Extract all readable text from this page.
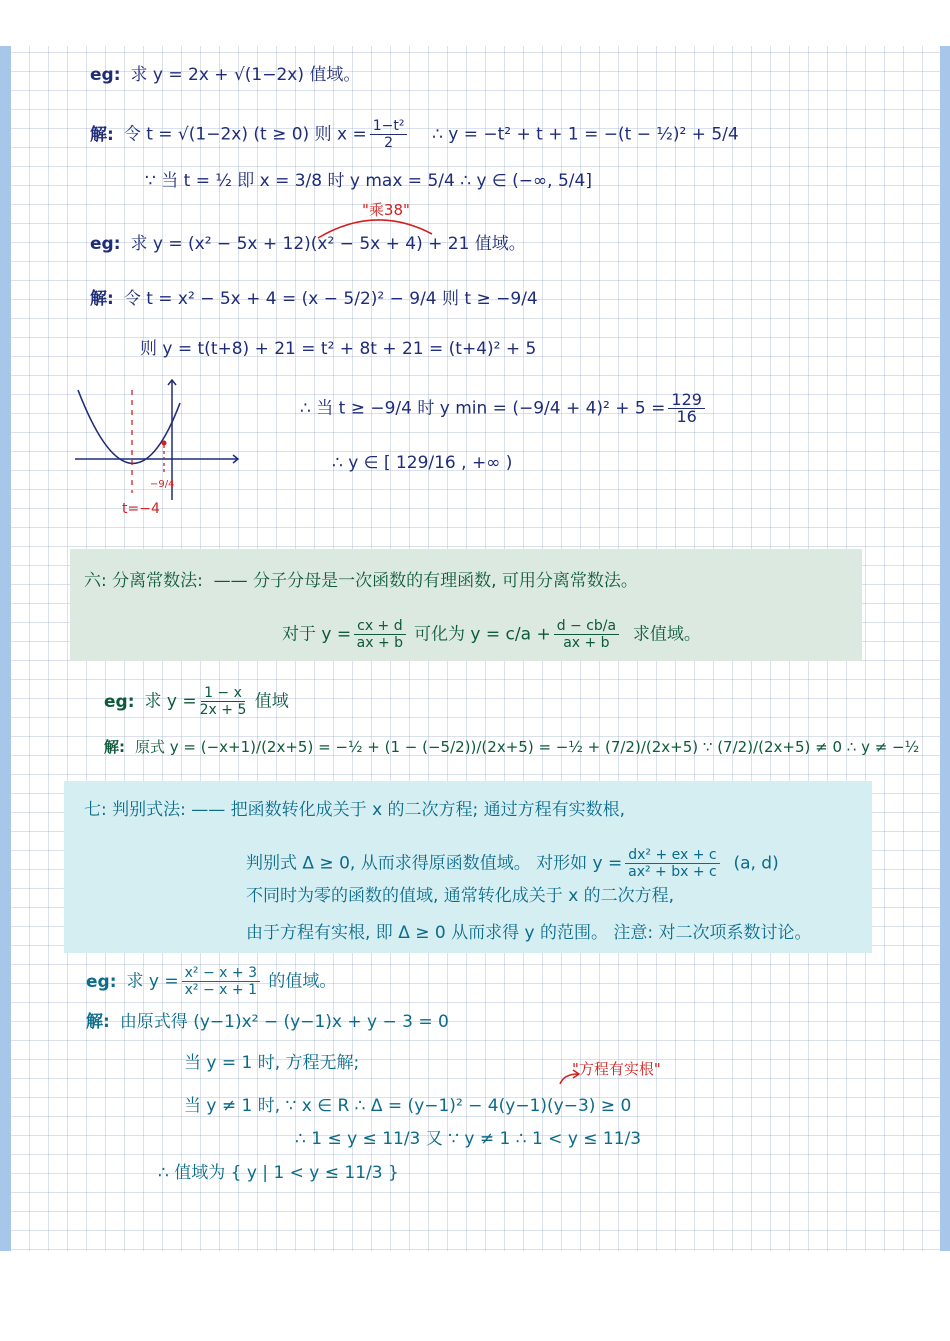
eg: 求 y = 2x + √(1−2x) 值域。
解: 令 t = √(1−2x) (t ≥ 0) 则 $x = \frac{\text{1−t²}}{2}$ ∴ y = −t² + t + 1 = −(t − ½)² + 5/4
∵ 当 t = ½ 即 x = 3/8 时 y max = 5/4 ∴ y ∈ (−∞, 5/4]
"乘38"
eg: 求 y = (x² − 5x + 12)(x² − 5x + 4) + 21 值域。
解: 令 t = x² − 5x + 4 = (x − 5/2)² − 9/4 则 t ≥ −9/4
则 y = t(t+8) + 21 = t² + 8t + 21 = (t+4)² + 5
∴ 当 t ≥ −9/4 时 y $\min = (-9/4 + 4)^2 + 5 = \frac{129}{16}$
∴ y ∈ [ 129/16 , +∞ )
t=−4
−9/4
六: 分离常数法: —— 分子分母是一次函数的有理函数, 可用分离常数法。
对于 $y = \frac{cx + d}{ax + b}$ 可化为 $y = c/a + \frac{d - cb/a}{ax + b}$ 求值域。
eg: 求 $y = \frac{1 - x}{2x + 5}$ 值域
解: 原式 y = (−x+1)/(2x+5) = −½ + (1 − (−5/2))/(2x+5) = −½ + (7/2)/(2x+5) ∵ (7/2)/(2x+5) ≠ 0 ∴ y ≠ −½
七: 判别式法: —— 把函数转化成关于 x 的二次方程; 通过方程有实数根,
判别式 Δ ≥ 0, 从而求得原函数值域。 对形如 $y = \frac{\text{dx² + ex + c}}{\text{ax² + bx + c}} (a$, d)
不同时为零的函数的值域, 通常转化成关于 x 的二次方程,
由于方程有实根, 即 Δ ≥ 0 从而求得 y 的范围。 注意: 对二次项系数讨论。
eg: 求 $y = \frac{\text{x² − x + 3}}{\text{x² − x + 1}}$ 的值域。
解: 由原式得 (y−1)x² − (y−1)x + y − 3 = 0
当 y = 1 时, 方程无解;	"方程有实根"
当 y ≠ 1 时, ∵ x ∈ R ∴ Δ = (y−1)² − 4(y−1)(y−3) ≥ 0
∴ 1 ≤ y ≤ 11/3 又 ∵ y ≠ 1 ∴ 1 < y ≤ 11/3
∴ 值域为 { y | 1 < y ≤ 11/3 }
